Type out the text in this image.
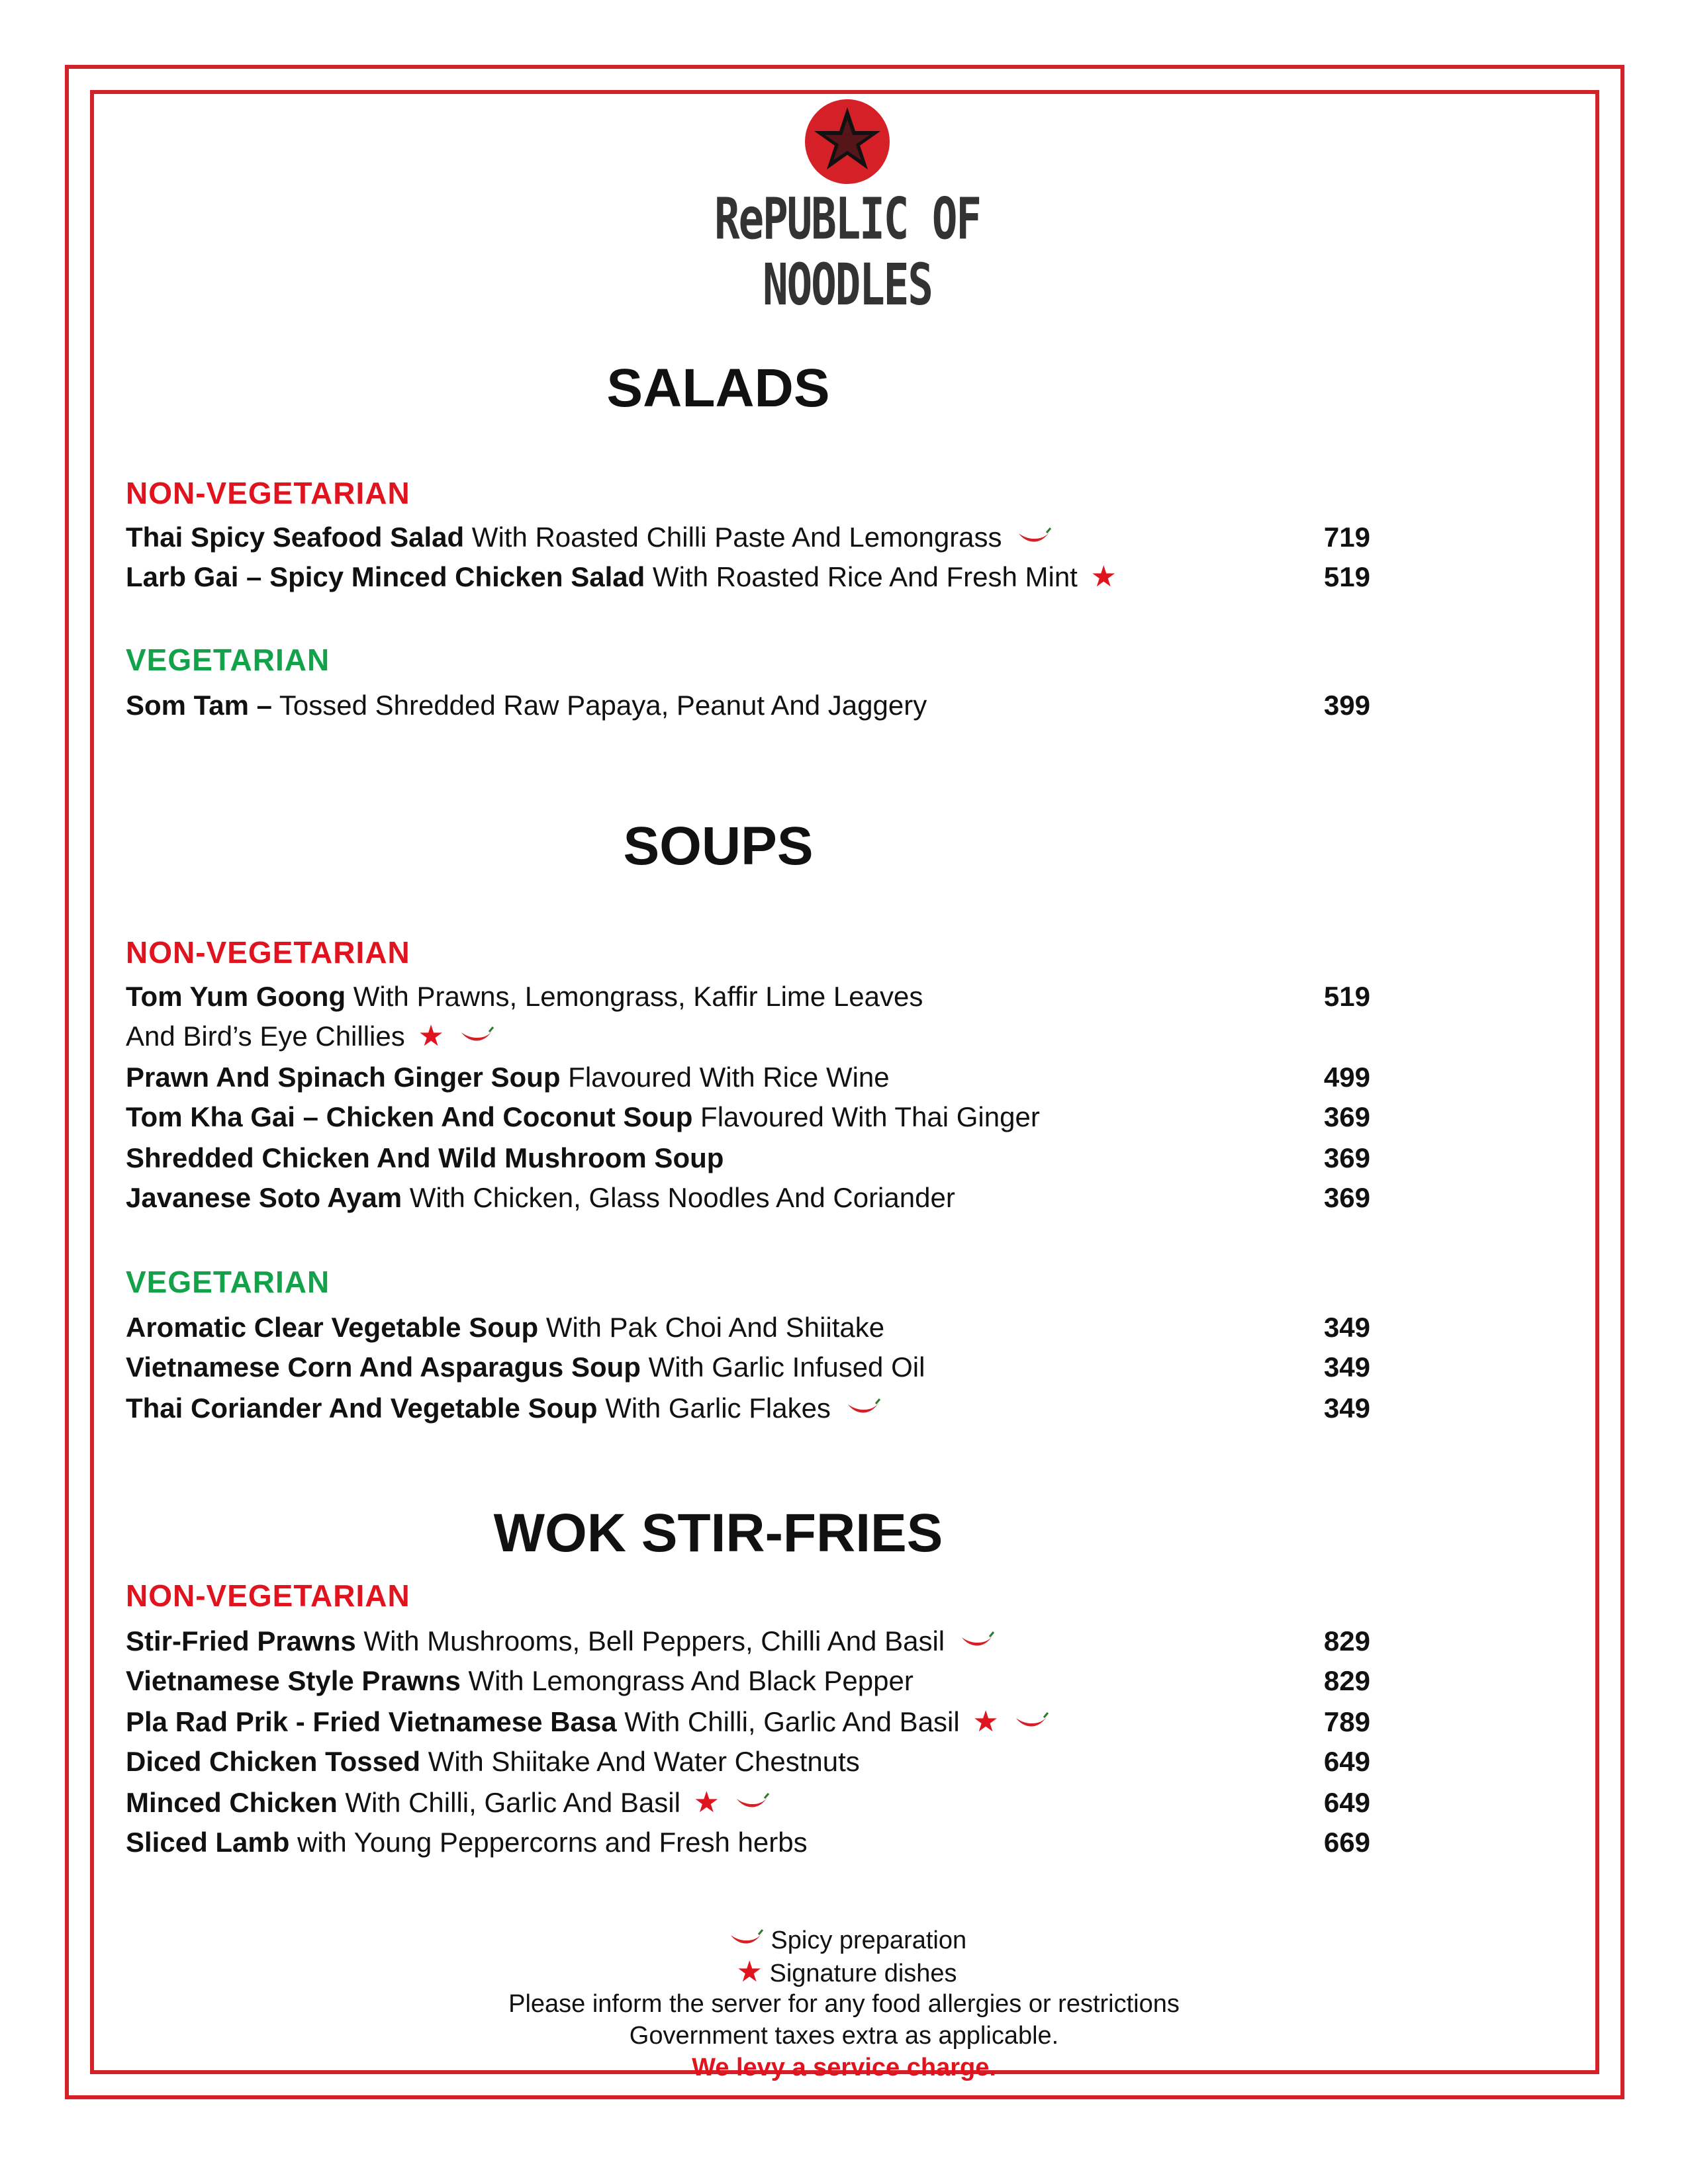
RePUBLIC OF NOODLES
SALADS
NON-VEGETARIAN
Thai Spicy Seafood Salad With Roasted Chilli Paste And Lemongrass	719
Larb Gai – Spicy Minced Chicken Salad With Roasted Rice And Fresh Mint ★	519
VEGETARIAN
Som Tam – Tossed Shredded Raw Papaya, Peanut And Jaggery	399
SOUPS
NON-VEGETARIAN
Tom Yum Goong With Prawns, Lemongrass, Kaffir Lime Leaves	519
And Bird’s Eye Chillies ★
Prawn And Spinach Ginger Soup Flavoured With Rice Wine	499
Tom Kha Gai – Chicken And Coconut Soup Flavoured With Thai Ginger	369
Shredded Chicken And Wild Mushroom Soup	369
Javanese Soto Ayam With Chicken, Glass Noodles And Coriander	369
VEGETARIAN
Aromatic Clear Vegetable Soup With Pak Choi And Shiitake	349
Vietnamese Corn And Asparagus Soup With Garlic Infused Oil	349
Thai Coriander And Vegetable Soup With Garlic Flakes	349
WOK STIR-FRIES
NON-VEGETARIAN
Stir-Fried Prawns With Mushrooms, Bell Peppers, Chilli And Basil	829
Vietnamese Style Prawns With Lemongrass And Black Pepper	829
Pla Rad Prik - Fried Vietnamese Basa With Chilli, Garlic And Basil ★	789
Diced Chicken Tossed With Shiitake And Water Chestnuts	649
Minced Chicken With Chilli, Garlic And Basil ★	649
Sliced Lamb with Young Peppercorns and Fresh herbs	669
Spicy preparation
★ Signature dishes
Please inform the server for any food allergies or restrictions
Government taxes extra as applicable.
We levy a service charge.
